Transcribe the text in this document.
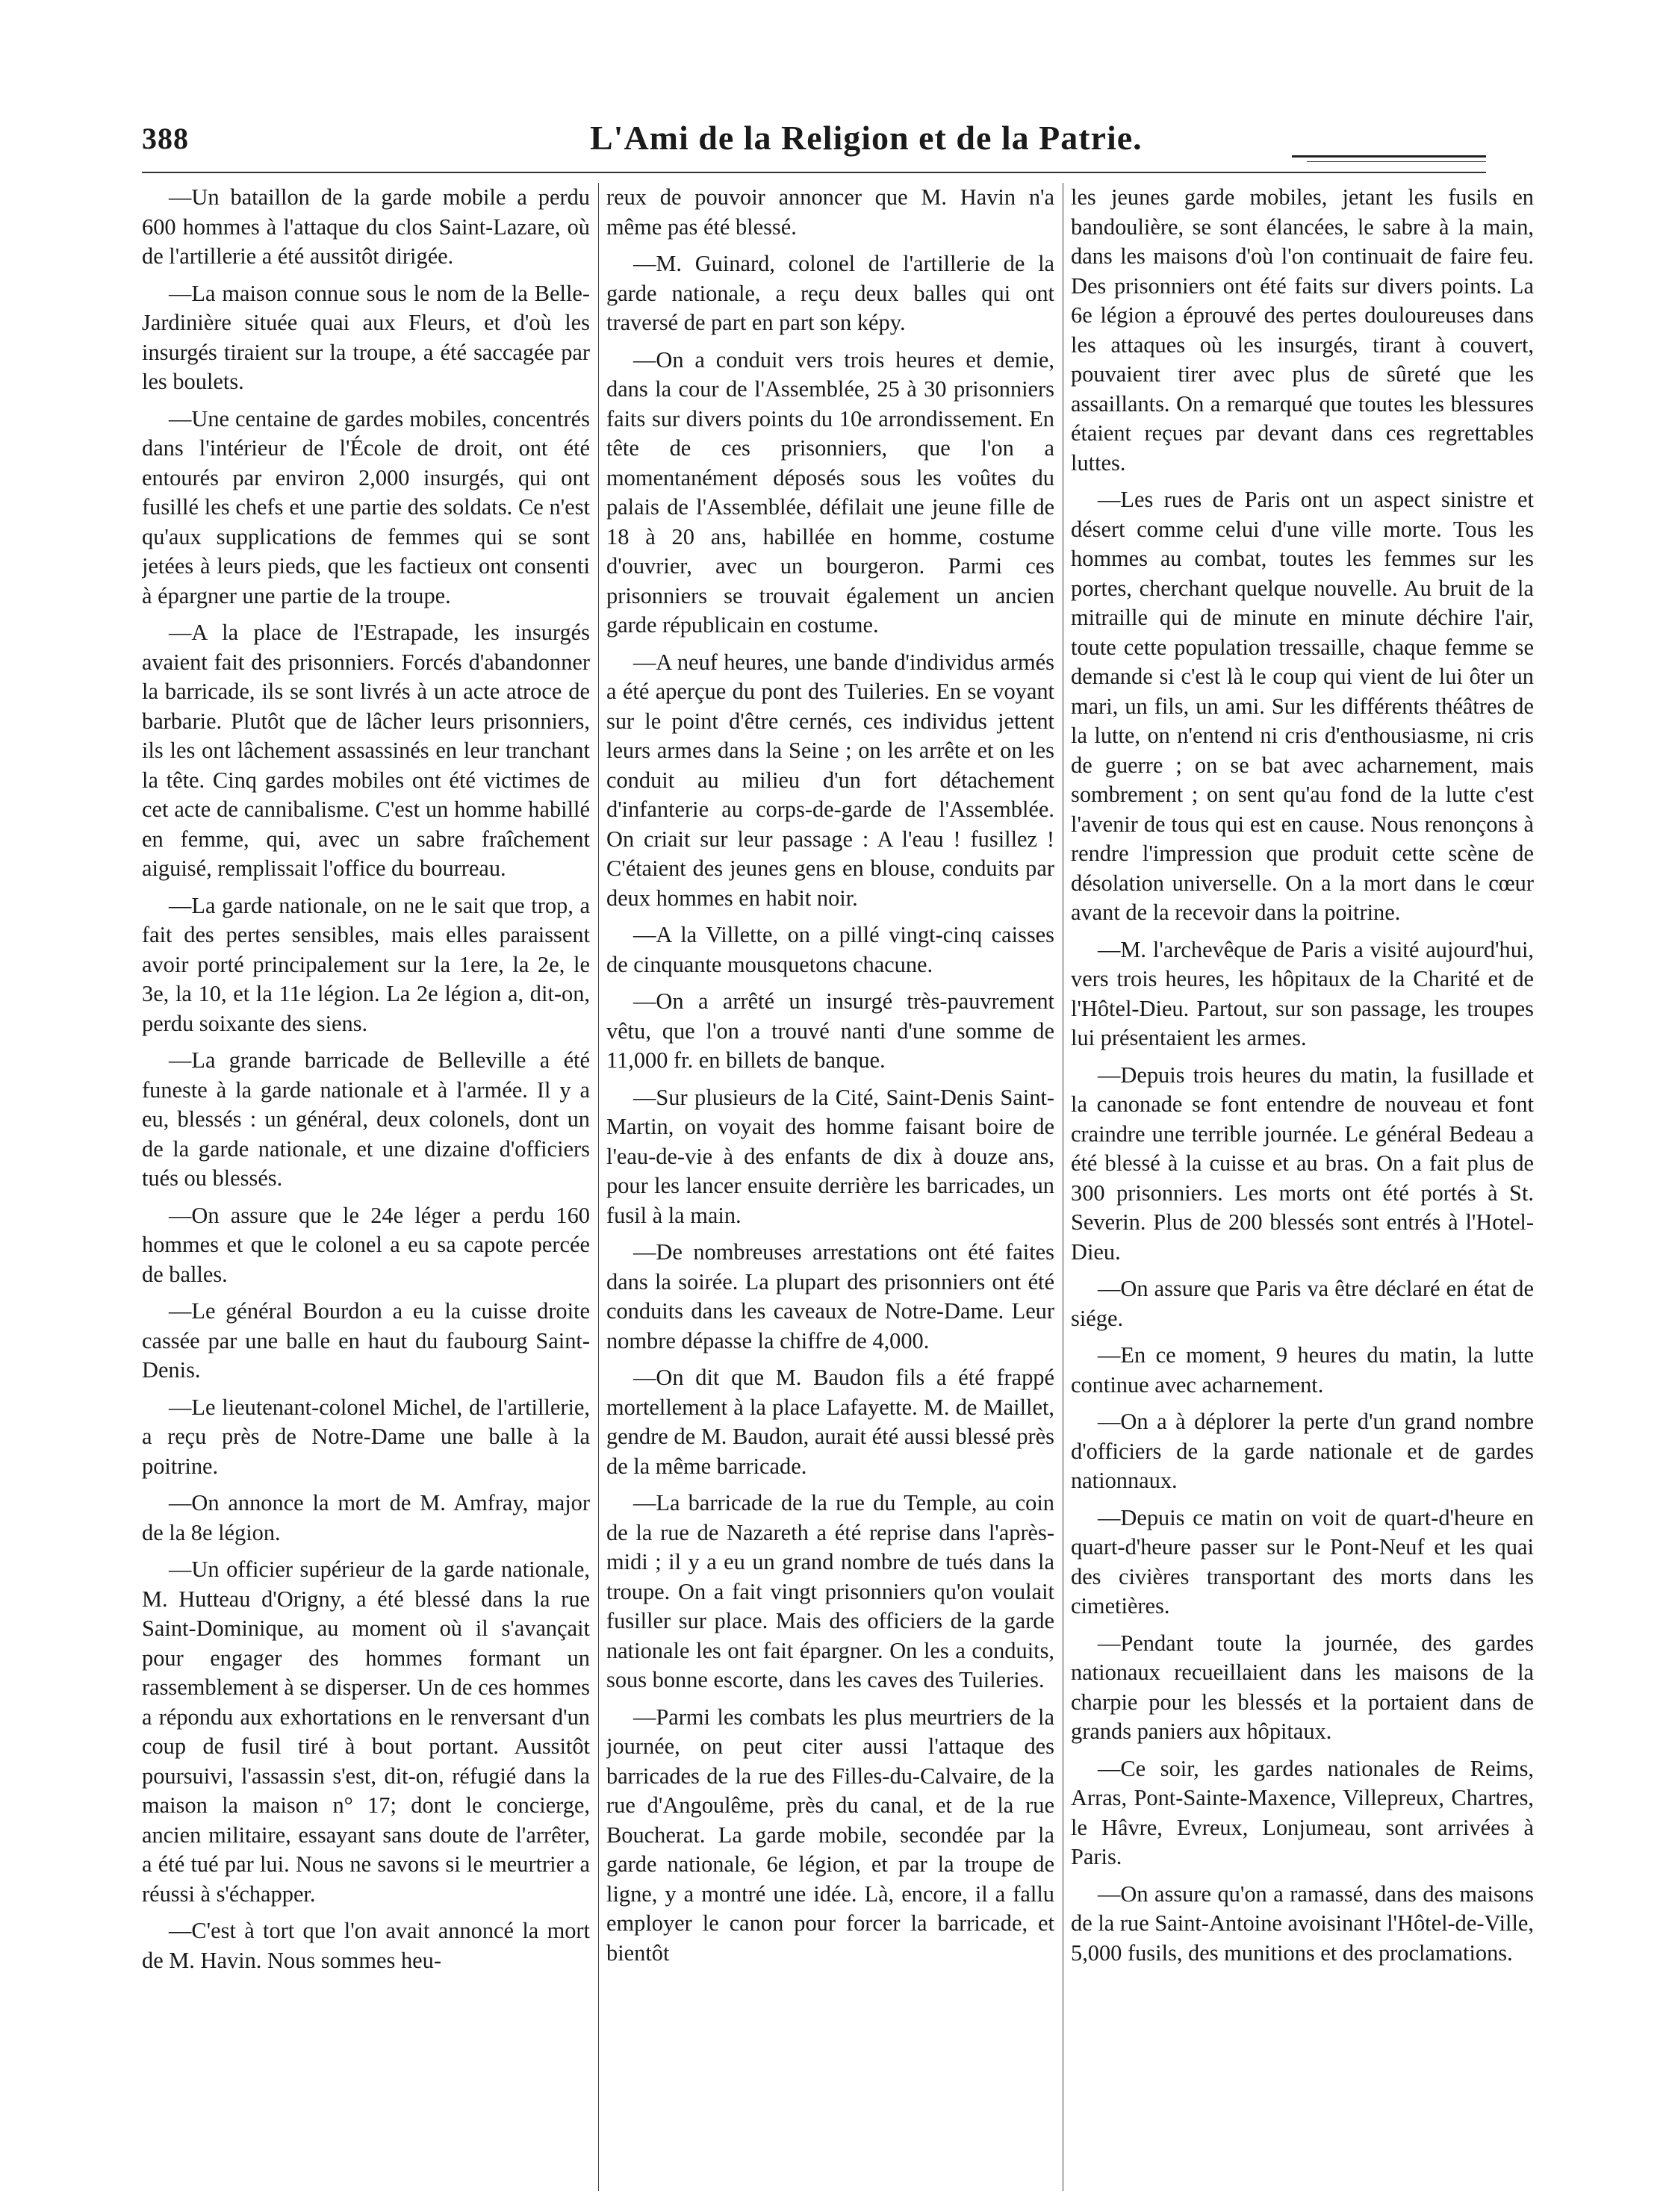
388	L'Ami de la Religion et de la Patrie.

—Un bataillon de la garde mobile a perdu 600 hommes à l'attaque du clos Saint-Lazare, où de l'artillerie a été aussitôt dirigée.

—La maison connue sous le nom de la Belle-Jardinière située quai aux Fleurs, et d'où les insurgés tiraient sur la troupe, a été saccagée par les boulets.

—Une centaine de gardes mobiles, concentrés dans l'intérieur de l'École de droit, ont été entourés par environ 2,000 insurgés, qui ont fusillé les chefs et une partie des soldats. Ce n'est qu'aux supplications de femmes qui se sont jetées à leurs pieds, que les factieux ont consenti à épargner une partie de la troupe.

—A la place de l'Estrapade, les insurgés avaient fait des prisonniers. Forcés d'abandonner la barricade, ils se sont livrés à un acte atroce de barbarie. Plutôt que de lâcher leurs prisonniers, ils les ont lâchement assassinés en leur tranchant la tête. Cinq gardes mobiles ont été victimes de cet acte de cannibalisme. C'est un homme habillé en femme, qui, avec un sabre fraîchement aiguisé, remplissait l'office du bourreau.

—La garde nationale, on ne le sait que trop, a fait des pertes sensibles, mais elles paraissent avoir porté principalement sur la 1ere, la 2e, le 3e, la 10, et la 11e légion. La 2e légion a, dit-on, perdu soixante des siens.

—La grande barricade de Belleville a été funeste à la garde nationale et à l'armée. Il y a eu, blessés : un général, deux colonels, dont un de la garde nationale, et une dizaine d'officiers tués ou blessés.

—On assure que le 24e léger a perdu 160 hommes et que le colonel a eu sa capote percée de balles.

—Le général Bourdon a eu la cuisse droite cassée par une balle en haut du faubourg Saint-Denis.

—Le lieutenant-colonel Michel, de l'artillerie, a reçu près de Notre-Dame une balle à la poitrine.

—On annonce la mort de M. Amfray, major de la 8e légion.

—Un officier supérieur de la garde nationale, M. Hutteau d'Origny, a été blessé dans la rue Saint-Dominique, au moment où il s'avançait pour engager des hommes formant un rassemblement à se disperser. Un de ces hommes a répondu aux exhortations en le renversant d'un coup de fusil tiré à bout portant. Aussitôt poursuivi, l'assassin s'est, dit-on, réfugié dans la maison la maison n° 17; dont le concierge, ancien militaire, essayant sans doute de l'arrêter, a été tué par lui. Nous ne savons si le meurtrier a réussi à s'échapper.

—C'est à tort que l'on avait annoncé la mort de M. Havin. Nous sommes heu-

reux de pouvoir annoncer que M. Havin n'a même pas été blessé.

—M. Guinard, colonel de l'artillerie de la garde nationale, a reçu deux balles qui ont traversé de part en part son képy.

—On a conduit vers trois heures et demie, dans la cour de l'Assemblée, 25 à 30 prisonniers faits sur divers points du 10e arrondissement. En tête de ces prisonniers, que l'on a momentanément déposés sous les voûtes du palais de l'Assemblée, défilait une jeune fille de 18 à 20 ans, habillée en homme, costume d'ouvrier, avec un bourgeron. Parmi ces prisonniers se trouvait également un ancien garde républicain en costume.

—A neuf heures, une bande d'individus armés a été aperçue du pont des Tuileries. En se voyant sur le point d'être cernés, ces individus jettent leurs armes dans la Seine ; on les arrête et on les conduit au milieu d'un fort détachement d'infanterie au corps-de-garde de l'Assemblée. On criait sur leur passage : A l'eau ! fusillez ! C'étaient des jeunes gens en blouse, conduits par deux hommes en habit noir.

—A la Villette, on a pillé vingt-cinq caisses de cinquante mousquetons chacune.

—On a arrêté un insurgé très-pauvrement vêtu, que l'on a trouvé nanti d'une somme de 11,000 fr. en billets de banque.

—Sur plusieurs de la Cité, Saint-Denis Saint-Martin, on voyait des homme faisant boire de l'eau-de-vie à des enfants de dix à douze ans, pour les lancer ensuite derrière les barricades, un fusil à la main.

—De nombreuses arrestations ont été faites dans la soirée. La plupart des prisonniers ont été conduits dans les caveaux de Notre-Dame. Leur nombre dépasse la chiffre de 4,000.

—On dit que M. Baudon fils a été frappé mortellement à la place Lafayette. M. de Maillet, gendre de M. Baudon, aurait été aussi blessé près de la même barricade.

—La barricade de la rue du Temple, au coin de la rue de Nazareth a été reprise dans l'après-midi ; il y a eu un grand nombre de tués dans la troupe. On a fait vingt prisonniers qu'on voulait fusiller sur place. Mais des officiers de la garde nationale les ont fait épargner. On les a conduits, sous bonne escorte, dans les caves des Tuileries.

—Parmi les combats les plus meurtriers de la journée, on peut citer aussi l'attaque des barricades de la rue des Filles-du-Calvaire, de la rue d'Angoulême, près du canal, et de la rue Boucherat. La garde mobile, secondée par la garde nationale, 6e légion, et par la troupe de ligne, y a montré une idée. Là, encore, il a fallu employer le canon pour forcer la barricade, et bientôt

les jeunes garde mobiles, jetant les fusils en bandoulière, se sont élancées, le sabre à la main, dans les maisons d'où l'on continuait de faire feu. Des prisonniers ont été faits sur divers points. La 6e légion a éprouvé des pertes douloureuses dans les attaques où les insurgés, tirant à couvert, pouvaient tirer avec plus de sûreté que les assaillants. On a remarqué que toutes les blessures étaient reçues par devant dans ces regrettables luttes.

—Les rues de Paris ont un aspect sinistre et désert comme celui d'une ville morte. Tous les hommes au combat, toutes les femmes sur les portes, cherchant quelque nouvelle. Au bruit de la mitraille qui de minute en minute déchire l'air, toute cette population tressaille, chaque femme se demande si c'est là le coup qui vient de lui ôter un mari, un fils, un ami. Sur les différents théâtres de la lutte, on n'entend ni cris d'enthousiasme, ni cris de guerre ; on se bat avec acharnement, mais sombrement ; on sent qu'au fond de la lutte c'est l'avenir de tous qui est en cause. Nous renonçons à rendre l'impression que produit cette scène de désolation universelle. On a la mort dans le cœur avant de la recevoir dans la poitrine.

—M. l'archevêque de Paris a visité aujourd'hui, vers trois heures, les hôpitaux de la Charité et de l'Hôtel-Dieu. Partout, sur son passage, les troupes lui présentaient les armes.

—Depuis trois heures du matin, la fusillade et la canonade se font entendre de nouveau et font craindre une terrible journée. Le général Bedeau a été blessé à la cuisse et au bras. On a fait plus de 300 prisonniers. Les morts ont été portés à St. Severin. Plus de 200 blessés sont entrés à l'Hotel-Dieu.

—On assure que Paris va être déclaré en état de siége.

—En ce moment, 9 heures du matin, la lutte continue avec acharnement.

—On a à déplorer la perte d'un grand nombre d'officiers de la garde nationale et de gardes nationnaux.

—Depuis ce matin on voit de quart-d'heure en quart-d'heure passer sur le Pont-Neuf et les quai des civières transportant des morts dans les cimetières.

—Pendant toute la journée, des gardes nationaux recueillaient dans les maisons de la charpie pour les blessés et la portaient dans de grands paniers aux hôpitaux.

—Ce soir, les gardes nationales de Reims, Arras, Pont-Sainte-Maxence, Villepreux, Chartres, le Hâvre, Evreux, Lonjumeau, sont arrivées à Paris.

—On assure qu'on a ramassé, dans des maisons de la rue Saint-Antoine avoisinant l'Hôtel-de-Ville, 5,000 fusils, des munitions et des proclamations.
